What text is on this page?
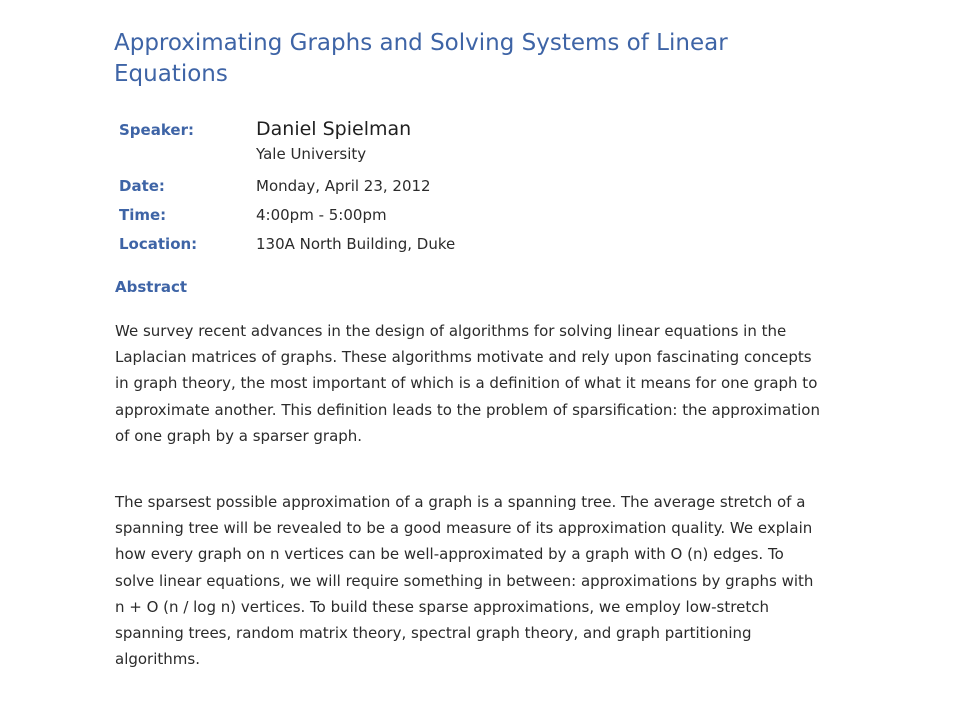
Approximating Graphs and Solving Systems of Linear Equations
Speaker:	Daniel Spielman
Yale University

Date:	Monday, April 23, 2012
Time:	4:00pm - 5:00pm
Location:	130A North Building, Duke
Abstract

We survey recent advances in the design of algorithms for solving linear equations in the Laplacian matrices of graphs. These algorithms motivate and rely upon fascinating concepts in graph theory, the most important of which is a definition of what it means for one graph to approximate another. This definition leads to the problem of sparsification: the approximation of one graph by a sparser graph.

The sparsest possible approximation of a graph is a spanning tree. The average stretch of a spanning tree will be revealed to be a good measure of its approximation quality. We explain how every graph on n vertices can be well-approximated by a graph with O (n) edges. To solve linear equations, we will require something in between: approximations by graphs with n + O (n / log n) vertices. To build these sparse approximations, we employ low-stretch spanning trees, random matrix theory, spectral graph theory, and graph partitioning algorithms.
